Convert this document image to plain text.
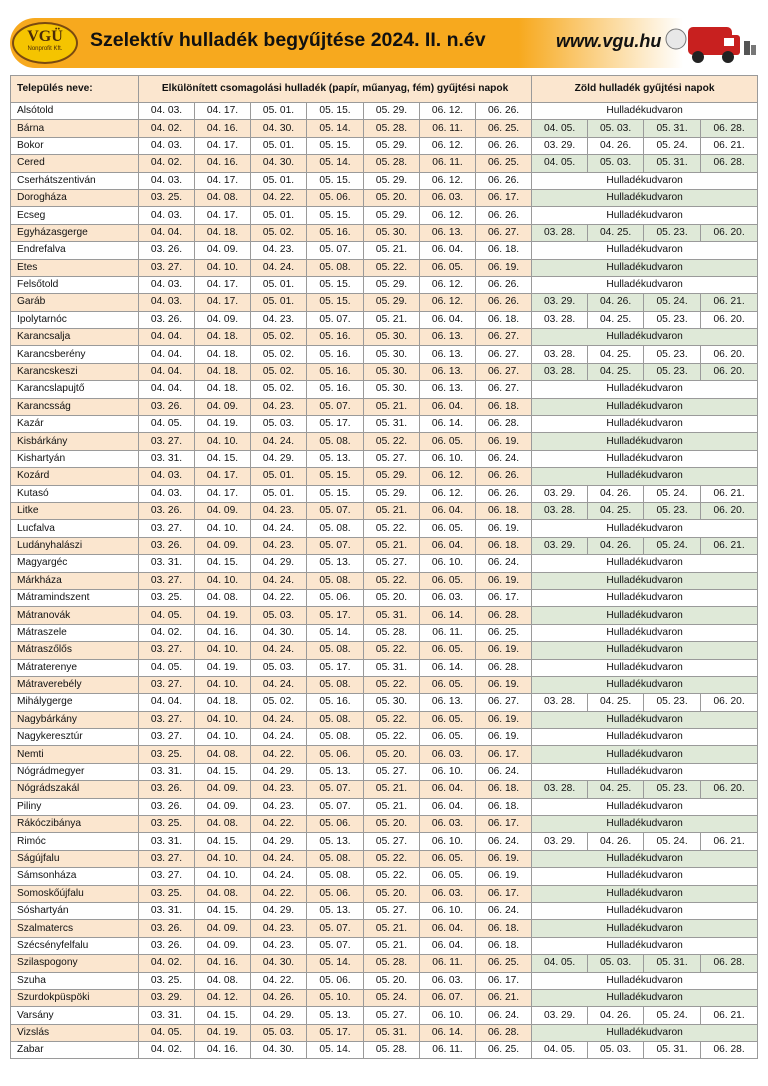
VGÜ
Nonprofit Kft.	Szelektív hulladék begyűjtése 2024. II. n.év	www.vgu.hu
Település neve:	Elkülönített csomagolási hulladék (papír, műanyag, fém) gyűjtési napok							Zöld hulladék gyűjtési napok			
Alsótold	04. 03.	04. 17.	05. 01.	05. 15.	05. 29.	06. 12.	06. 26.	Hulladékudvaron			
Bárna	04. 02.	04. 16.	04. 30.	05. 14.	05. 28.	06. 11.	06. 25.	04. 05.	05. 03.	05. 31.	06. 28.
Bokor	04. 03.	04. 17.	05. 01.	05. 15.	05. 29.	06. 12.	06. 26.	03. 29.	04. 26.	05. 24.	06. 21.
Cered	04. 02.	04. 16.	04. 30.	05. 14.	05. 28.	06. 11.	06. 25.	04. 05.	05. 03.	05. 31.	06. 28.
Cserhátszentiván	04. 03.	04. 17.	05. 01.	05. 15.	05. 29.	06. 12.	06. 26.	Hulladékudvaron			
Dorogháza	03. 25.	04. 08.	04. 22.	05. 06.	05. 20.	06. 03.	06. 17.	Hulladékudvaron			
Ecseg	04. 03.	04. 17.	05. 01.	05. 15.	05. 29.	06. 12.	06. 26.	Hulladékudvaron			
Egyházasgerge	04. 04.	04. 18.	05. 02.	05. 16.	05. 30.	06. 13.	06. 27.	03. 28.	04. 25.	05. 23.	06. 20.
Endrefalva	03. 26.	04. 09.	04. 23.	05. 07.	05. 21.	06. 04.	06. 18.	Hulladékudvaron			
Etes	03. 27.	04. 10.	04. 24.	05. 08.	05. 22.	06. 05.	06. 19.	Hulladékudvaron			
Felsőtold	04. 03.	04. 17.	05. 01.	05. 15.	05. 29.	06. 12.	06. 26.	Hulladékudvaron			
Garáb	04. 03.	04. 17.	05. 01.	05. 15.	05. 29.	06. 12.	06. 26.	03. 29.	04. 26.	05. 24.	06. 21.
Ipolytarnóc	03. 26.	04. 09.	04. 23.	05. 07.	05. 21.	06. 04.	06. 18.	03. 28.	04. 25.	05. 23.	06. 20.
Karancsalja	04. 04.	04. 18.	05. 02.	05. 16.	05. 30.	06. 13.	06. 27.	Hulladékudvaron			
Karancsberény	04. 04.	04. 18.	05. 02.	05. 16.	05. 30.	06. 13.	06. 27.	03. 28.	04. 25.	05. 23.	06. 20.
Karancskeszi	04. 04.	04. 18.	05. 02.	05. 16.	05. 30.	06. 13.	06. 27.	03. 28.	04. 25.	05. 23.	06. 20.
Karancslapujtő	04. 04.	04. 18.	05. 02.	05. 16.	05. 30.	06. 13.	06. 27.	Hulladékudvaron			
Karancsság	03. 26.	04. 09.	04. 23.	05. 07.	05. 21.	06. 04.	06. 18.	Hulladékudvaron			
Kazár	04. 05.	04. 19.	05. 03.	05. 17.	05. 31.	06. 14.	06. 28.	Hulladékudvaron			
Kisbárkány	03. 27.	04. 10.	04. 24.	05. 08.	05. 22.	06. 05.	06. 19.	Hulladékudvaron			
Kishartyán	03. 31.	04. 15.	04. 29.	05. 13.	05. 27.	06. 10.	06. 24.	Hulladékudvaron			
Kozárd	04. 03.	04. 17.	05. 01.	05. 15.	05. 29.	06. 12.	06. 26.	Hulladékudvaron			
Kutasó	04. 03.	04. 17.	05. 01.	05. 15.	05. 29.	06. 12.	06. 26.	03. 29.	04. 26.	05. 24.	06. 21.
Litke	03. 26.	04. 09.	04. 23.	05. 07.	05. 21.	06. 04.	06. 18.	03. 28.	04. 25.	05. 23.	06. 20.
Lucfalva	03. 27.	04. 10.	04. 24.	05. 08.	05. 22.	06. 05.	06. 19.	Hulladékudvaron			
Ludányhalászi	03. 26.	04. 09.	04. 23.	05. 07.	05. 21.	06. 04.	06. 18.	03. 29.	04. 26.	05. 24.	06. 21.
Magyargéc	03. 31.	04. 15.	04. 29.	05. 13.	05. 27.	06. 10.	06. 24.	Hulladékudvaron			
Márkháza	03. 27.	04. 10.	04. 24.	05. 08.	05. 22.	06. 05.	06. 19.	Hulladékudvaron			
Mátramindszent	03. 25.	04. 08.	04. 22.	05. 06.	05. 20.	06. 03.	06. 17.	Hulladékudvaron			
Mátranovák	04. 05.	04. 19.	05. 03.	05. 17.	05. 31.	06. 14.	06. 28.	Hulladékudvaron			
Mátraszele	04. 02.	04. 16.	04. 30.	05. 14.	05. 28.	06. 11.	06. 25.	Hulladékudvaron			
Mátraszőlős	03. 27.	04. 10.	04. 24.	05. 08.	05. 22.	06. 05.	06. 19.	Hulladékudvaron			
Mátraterenye	04. 05.	04. 19.	05. 03.	05. 17.	05. 31.	06. 14.	06. 28.	Hulladékudvaron			
Mátraverebély	03. 27.	04. 10.	04. 24.	05. 08.	05. 22.	06. 05.	06. 19.	Hulladékudvaron			
Mihálygerge	04. 04.	04. 18.	05. 02.	05. 16.	05. 30.	06. 13.	06. 27.	03. 28.	04. 25.	05. 23.	06. 20.
Nagybárkány	03. 27.	04. 10.	04. 24.	05. 08.	05. 22.	06. 05.	06. 19.	Hulladékudvaron			
Nagykeresztúr	03. 27.	04. 10.	04. 24.	05. 08.	05. 22.	06. 05.	06. 19.	Hulladékudvaron			
Nemti	03. 25.	04. 08.	04. 22.	05. 06.	05. 20.	06. 03.	06. 17.	Hulladékudvaron			
Nógrádmegyer	03. 31.	04. 15.	04. 29.	05. 13.	05. 27.	06. 10.	06. 24.	Hulladékudvaron			
Nógrádszakál	03. 26.	04. 09.	04. 23.	05. 07.	05. 21.	06. 04.	06. 18.	03. 28.	04. 25.	05. 23.	06. 20.
Piliny	03. 26.	04. 09.	04. 23.	05. 07.	05. 21.	06. 04.	06. 18.	Hulladékudvaron			
Rákóczibánya	03. 25.	04. 08.	04. 22.	05. 06.	05. 20.	06. 03.	06. 17.	Hulladékudvaron			
Rimóc	03. 31.	04. 15.	04. 29.	05. 13.	05. 27.	06. 10.	06. 24.	03. 29.	04. 26.	05. 24.	06. 21.
Ságújfalu	03. 27.	04. 10.	04. 24.	05. 08.	05. 22.	06. 05.	06. 19.	Hulladékudvaron			
Sámsonháza	03. 27.	04. 10.	04. 24.	05. 08.	05. 22.	06. 05.	06. 19.	Hulladékudvaron			
Somoskőújfalu	03. 25.	04. 08.	04. 22.	05. 06.	05. 20.	06. 03.	06. 17.	Hulladékudvaron			
Sóshartyán	03. 31.	04. 15.	04. 29.	05. 13.	05. 27.	06. 10.	06. 24.	Hulladékudvaron			
Szalmatercs	03. 26.	04. 09.	04. 23.	05. 07.	05. 21.	06. 04.	06. 18.	Hulladékudvaron			
Szécsényfelfalu	03. 26.	04. 09.	04. 23.	05. 07.	05. 21.	06. 04.	06. 18.	Hulladékudvaron			
Szilaspogony	04. 02.	04. 16.	04. 30.	05. 14.	05. 28.	06. 11.	06. 25.	04. 05.	05. 03.	05. 31.	06. 28.
Szuha	03. 25.	04. 08.	04. 22.	05. 06.	05. 20.	06. 03.	06. 17.	Hulladékudvaron			
Szurdokpüspöki	03. 29.	04. 12.	04. 26.	05. 10.	05. 24.	06. 07.	06. 21.	Hulladékudvaron			
Varsány	03. 31.	04. 15.	04. 29.	05. 13.	05. 27.	06. 10.	06. 24.	03. 29.	04. 26.	05. 24.	06. 21.
Vizslás	04. 05.	04. 19.	05. 03.	05. 17.	05. 31.	06. 14.	06. 28.	Hulladékudvaron			
Zabar	04. 02.	04. 16.	04. 30.	05. 14.	05. 28.	06. 11.	06. 25.	04. 05.	05. 03.	05. 31.	06. 28.
